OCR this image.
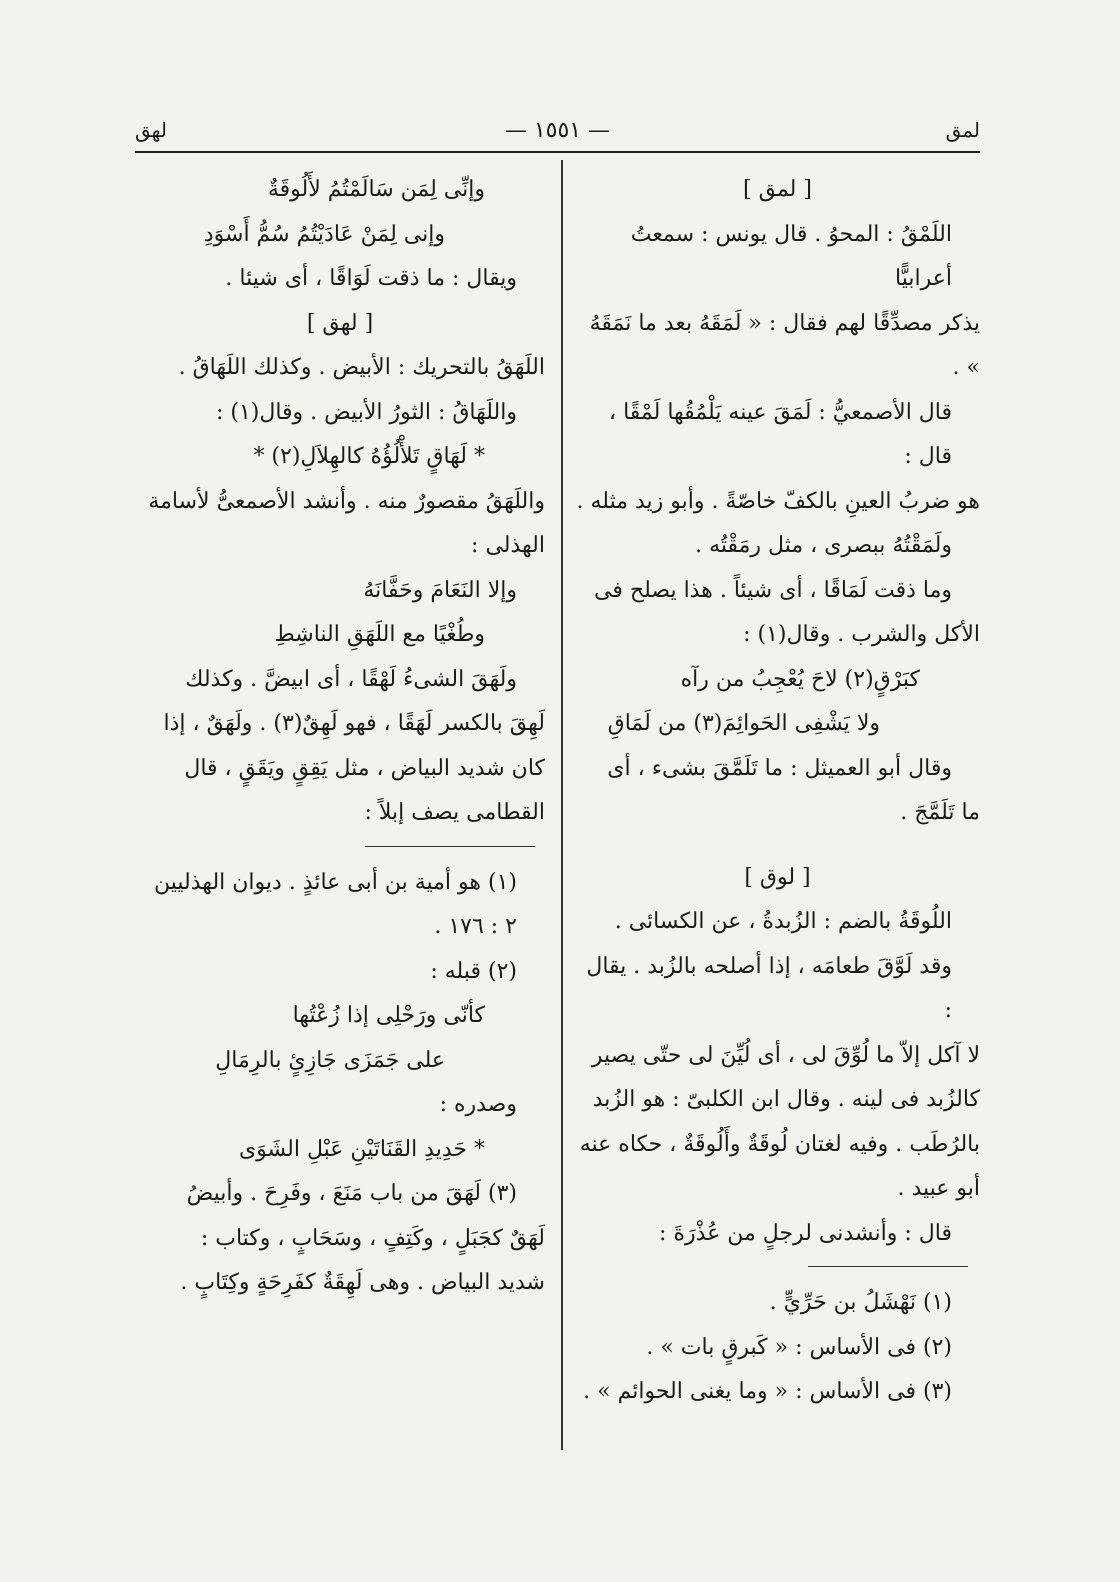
لمق
— ١٥٥١ —
لهق

[ لمق ]

اللَمْقُ : المحوُ . قال يونس : سمعتُ أعرابيًّا

يذكر مصدِّقًا لهم فقال : « لَمَقَهُ بعد ما نَمَقَهُ » .

قال الأصمعيُّ : لَمَقَ عينه يَلْمُقُها لَمْقًا ، قال :

هو ضربُ العينِ بالكفّ خاصّةً . وأبو زيد مثله .

ولَمَقْتُهُ ببصرى ، مثل رمَقْتُه .

وما ذقت لَمَاقًا ، أى شيئاً . هذا يصلح فى

الأكل والشرب . وقال(١) :

كبَرْقٍ(٢) لاحَ يُعْجِبُ من رآه

ولا يَشْفِى الحَوائِمَ(٣) من لَمَاقِ

وقال أبو العميثل : ما تَلَمَّقَ بشىء ، أى

ما تَلَمَّجَ .

[ لوق ]

اللُوقَةُ بالضم : الزُبدةُ ، عن الكسائى .

وقد لَوَّقَ طعامَه ، إذا أصلحه بالزُبد . يقال :

لا آكل إلاّ ما لُوِّقَ لى ، أى لُيِّنَ لى حتّى يصير

كالزُبد فى لينه . وقال ابن الكلبىّ : هو الزُبد

بالرُطَب . وفيه لغتان لُوقَةٌ وأَلُوقَةٌ ، حكاه عنه

أبو عبيد .

قال : وأنشدنى لرجلٍ من عُذْرَةَ :

(١) نَهْشَلُ بن حَرِّيٍّ .

(٢) فى الأساس : « كَبرقٍ بات » .

(٣) فى الأساس : « وما يغنى الحوائم » .

وإنِّى لِمَن سَالَمْتُمُ لأَلُوقَةٌ

وإنى لِمَنْ عَادَيْتُمُ سُمُّ أَسْوَدِ

ويقال : ما ذقت لَوَاقًا ، أى شيئا .

[ لهق ]

اللَهَقُ بالتحريك : الأبيض . وكذلك اللَهَاقُ .

واللَهَاقُ : الثورُ الأبيض . وقال(١) :

* لَهَاقٍ تَلأْلُؤُهُ كالهِلاَلِ(٢) *

واللَهَقُ مقصورٌ منه . وأنشد الأصمعىُّ لأسامة

الهذلى :

وإلا النَعَامَ وحَفَّانَهُ

وطُغْيًا مع اللَهَقِ الناشِطِ

ولَهَقَ الشىءُ لَهْقًا ، أى ابيضَّ . وكذلك

لَهِقَ بالكسر لَهَقًا ، فهو لَهِقٌ(٣) . ولَهَقٌ ، إذا

كان شديد البياض ، مثل يَقِقٍ ويَقَقٍ ، قال

القطامى يصف إبلاً :

(١) هو أمية بن أبى عائذٍ . ديوان الهذليين

٢ : ١٧٦ .

(٢) قبله :

كأنّى ورَحْلِى إذا زُعْتُها

على جَمَزَى جَازِئٍ بالرِمَالِ

وصدره :

* حَدِيدِ القَنَاتَيْنِ عَبْلِ الشَوَى

(٣) لَهَقَ من باب مَنَعَ ، وفَرِحَ . وأبيضُ

لَهَقٌ كجَبَلٍ ، وكَتِفٍ ، وسَحَابٍ ، وكتاب :

شديد البياض . وهى لَهِقَةٌ كفَرِحَةٍ وكِتَابٍ .
